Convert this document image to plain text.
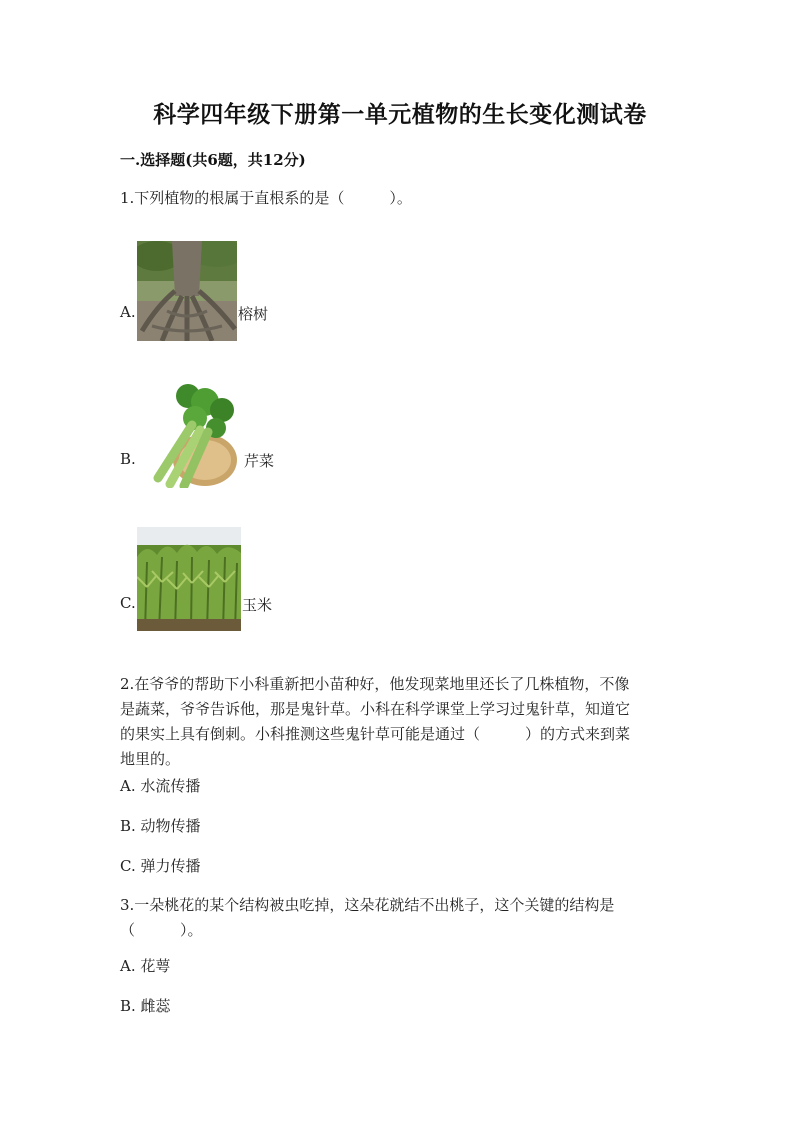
科学四年级下册第一单元植物的生长变化测试卷
一.选择题(共6题，共12分)
1.下列植物的根属于直根系的是（　　　）。
A.	榕树
B.	芹菜
C.	玉米
2.在爷爷的帮助下小科重新把小苗种好，他发现菜地里还长了几株植物，不像
是蔬菜，爷爷告诉他，那是鬼针草。小科在科学课堂上学习过鬼针草，知道它
的果实上具有倒刺。小科推测这些鬼针草可能是通过（　　　）的方式来到菜
地里的。
A. 水流传播
B. 动物传播
C. 弹力传播
3.一朵桃花的某个结构被虫吃掉，这朵花就结不出桃子，这个关键的结构是
（　　　）。
A. 花萼
B. 雌蕊
